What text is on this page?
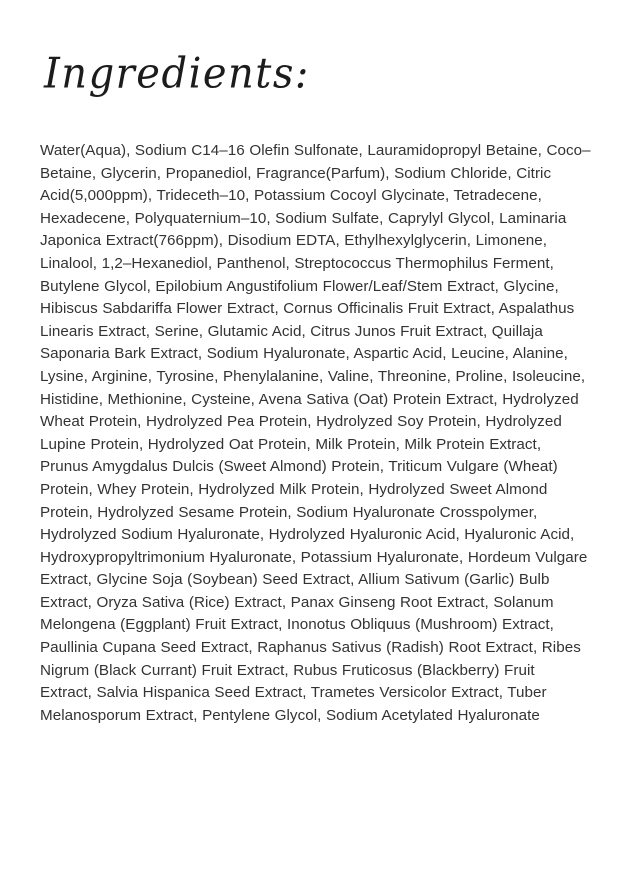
Ingredients:
Water(Aqua), Sodium C14–16 Olefin Sulfonate, Lauramidopropyl Betaine, Coco–Betaine, Glycerin, Propanediol, Fragrance(Parfum), Sodium Chloride, Citric Acid(5,000ppm), Trideceth–10, Potassium Cocoyl Glycinate, Tetradecene, Hexadecene, Polyquaternium–10, Sodium Sulfate, Caprylyl Glycol, Laminaria Japonica Extract(766ppm), Disodium EDTA, Ethylhexylglycerin, Limonene, Linalool, 1,2–Hexanediol, Panthenol, Streptococcus Thermophilus Ferment, Butylene Glycol, Epilobium Angustifolium Flower/Leaf/Stem Extract, Glycine, Hibiscus Sabdariffa Flower Extract, Cornus Officinalis Fruit Extract, Aspalathus Linearis Extract, Serine, Glutamic Acid, Citrus Junos Fruit Extract, Quillaja Saponaria Bark Extract, Sodium Hyaluronate, Aspartic Acid, Leucine, Alanine, Lysine, Arginine, Tyrosine, Phenylalanine, Valine, Threonine, Proline, Isoleucine, Histidine, Methionine, Cysteine, Avena Sativa (Oat) Protein Extract, Hydrolyzed Wheat Protein, Hydrolyzed Pea Protein, Hydrolyzed Soy Protein, Hydrolyzed Lupine Protein, Hydrolyzed Oat Protein, Milk Protein, Milk Protein Extract, Prunus Amygdalus Dulcis (Sweet Almond) Protein, Triticum Vulgare (Wheat) Protein, Whey Protein, Hydrolyzed Milk Protein, Hydrolyzed Sweet Almond Protein, Hydrolyzed Sesame Protein, Sodium Hyaluronate Crosspolymer, Hydrolyzed Sodium Hyaluronate, Hydrolyzed Hyaluronic Acid, Hyaluronic Acid, Hydroxypropyltrimonium Hyaluronate, Potassium Hyaluronate, Hordeum Vulgare Extract, Glycine Soja (Soybean) Seed Extract, Allium Sativum (Garlic) Bulb Extract, Oryza Sativa (Rice) Extract, Panax Ginseng Root Extract, Solanum Melongena (Eggplant) Fruit Extract, Inonotus Obliquus (Mushroom) Extract, Paullinia Cupana Seed Extract, Raphanus Sativus (Radish) Root Extract, Ribes Nigrum (Black Currant) Fruit Extract, Rubus Fruticosus (Blackberry) Fruit Extract, Salvia Hispanica Seed Extract, Trametes Versicolor Extract, Tuber Melanosporum Extract, Pentylene Glycol, Sodium Acetylated Hyaluronate
